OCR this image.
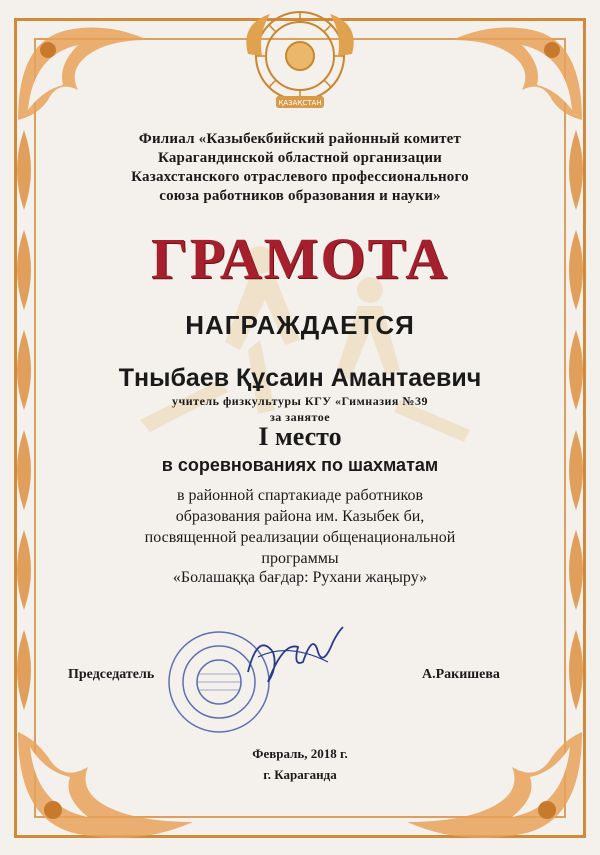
ҚАЗАҚСТАН
Филиал «Казыбекбийский районный комитет
Карагандинской областной организации
Казахстанского отраслевого профессионального
союза работников образования и науки»
ГРАМОТА
НАГРАЖДАЕТСЯ
Тныбаев Құсаин Амантаевич
учитель физкультуры КГУ «Гимназия №39
за занятое
I место
в соревнованиях по шахматам
в районной спартакиаде работников
образования района им. Казыбек би,
посвященной реализации общенациональной
программы
«Болашаққа бағдар: Рухани жаңыру»
Председатель	А.Ракишева
Февраль, 2018 г.
г. Караганда
